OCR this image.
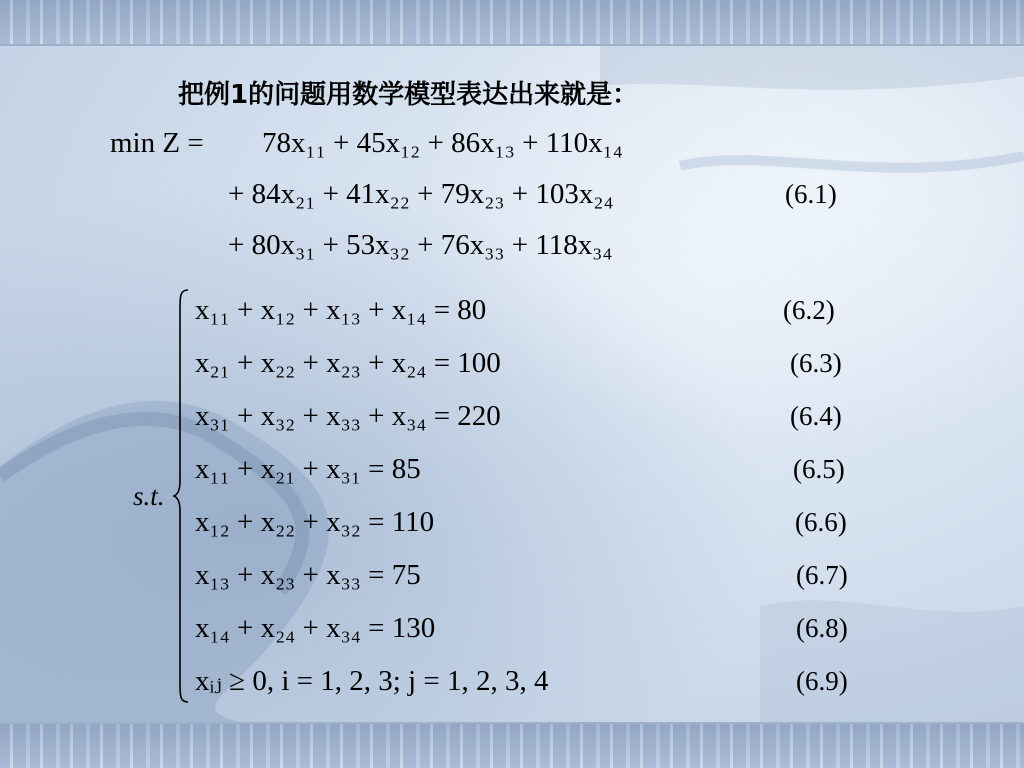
把例1的问题用数学模型表达出来就是：
min Z = 78x₁₁ + 45x₁₂ + 86x₁₃ + 110x₁₄
+ 84x₂₁ + 41x₂₂ + 79x₂₃ + 103x₂₄
+ 80x₃₁ + 53x₃₂ + 76x₃₃ + 118x₃₄
(6.1)
s.t.
x₁₁ + x₁₂ + x₁₃ + x₁₄ = 80	(6.2)
x₂₁ + x₂₂ + x₂₃ + x₂₄ = 100	(6.3)
x₃₁ + x₃₂ + x₃₃ + x₃₄ = 220	(6.4)
x₁₁ + x₂₁ + x₃₁ = 85	(6.5)
x₁₂ + x₂₂ + x₃₂ = 110	(6.6)
x₁₃ + x₂₃ + x₃₃ = 75	(6.7)
x₁₄ + x₂₄ + x₃₄ = 130	(6.8)
xᵢⱼ ≥ 0, i = 1, 2, 3; j = 1, 2, 3, 4	(6.9)
